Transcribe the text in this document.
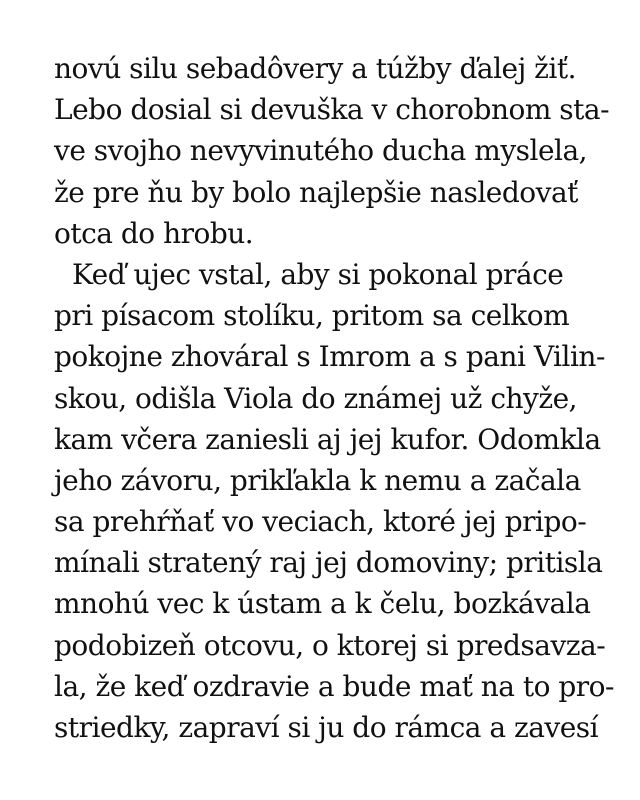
novú silu sebadôvery a túžby ďalej žiť.
Lebo dosial si devuška v chorobnom sta-
ve svojho nevyvinutého ducha myslela,
že pre ňu by bolo najlepšie nasledovať
otca do hrobu.
Keď ujec vstal, aby si pokonal práce
pri písacom stolíku, pritom sa celkom
pokojne zhováral s Imrom a s pani Vilin-
skou, odišla Viola do známej už chyže,
kam včera zaniesli aj jej kufor. Odomkla
jeho závoru, prikľakla k nemu a začala
sa prehŕňať vo veciach, ktoré jej pripo-
mínali stratený raj jej domoviny; pritisla
mnohú vec k ústam a k čelu, bozkávala
podobizeň otcovu, o ktorej si predsavza-
la, že keď ozdravie a bude mať na to pro-
striedky, zapraví si ju do rámca a zavesí
